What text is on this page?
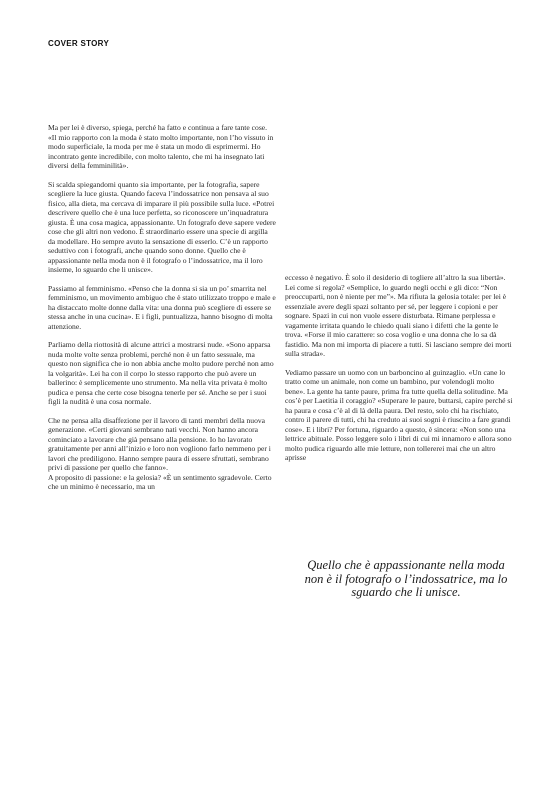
COVER STORY

Ma per lei è diverso, spiega, perché ha fatto e continua a fare tante cose. «Il mio rapporto con la moda è stato molto importante, non l’ho vissuto in modo superficiale, la moda per me è stata un modo di esprimermi. Ho incontrato gente incredibile, con molto talento, che mi ha insegnato lati diversi della femminilità».

Si scalda spiegandomi quanto sia importante, per la fotografia, sapere scegliere la luce giusta. Quando faceva l’indossatrice non pensava al suo fisico, alla dieta, ma cercava di imparare il più possibile sulla luce. «Potrei descrivere quello che è una luce perfetta, so riconoscere un’inquadratura giusta. È una cosa magica, appassionante. Un fotografo deve sapere vedere cose che gli altri non vedono. È straordinario essere una specie di argilla da modellare. Ho sempre avuto la sensazione di esserlo. C’è un rapporto seduttivo con i fotografi, anche quando sono donne. Quello che è appassionante nella moda non è il fotografo o l’indossatrice, ma il loro insieme, lo sguardo che li unisce».

Passiamo al femminismo. «Penso che la donna si sia un po’ smarrita nel femminismo, un movimento ambiguo che è stato utilizzato troppo e male e ha distaccato molte donne dalla vita: una donna può scegliere di essere se stessa anche in una cucina». E i figli, puntualizza, hanno bisogno di molta attenzione.

Parliamo della riottosità di alcune attrici a mostrarsi nude. «Sono apparsa nuda molte volte senza problemi, perché non è un fatto sessuale, ma questo non significa che io non abbia anche molto pudore perché non amo la volgarità». Lei ha con il corpo lo stesso rapporto che può avere un ballerino: è semplicemente uno strumento. Ma nella vita privata è molto pudica e pensa che certe cose bisogna tenerle per sé. Anche se per i suoi figli la nudità è una cosa normale.

Che ne pensa alla disaffezione per il lavoro di tanti membri della nuova generazione. «Certi giovani sembrano nati vecchi. Non hanno ancora cominciato a lavorare che già pensano alla pensione. Io ho lavorato gratuitamente per anni all’inizio e loro non vogliono farlo nemmeno per i lavori che prediligono. Hanno sempre paura di essere sfruttati, sembrano privi di passione per quello che fanno».
A proposito di passione: e la gelosia? «È un sentimento sgradevole. Certo che un minimo è necessario, ma un

eccesso è negativo. È solo il desiderio di togliere all’altro la sua libertà». Lei come si regola? «Semplice, lo guardo negli occhi e gli dico: “Non preoccuparti, non è niente per me”». Ma rifiuta la gelosia totale: per lei è essenziale avere degli spazi soltanto per sé, per leggere i copioni e per sognare. Spazi in cui non vuole essere disturbata. Rimane perplessa e vagamente irritata quando le chiedo quali siano i difetti che la gente le trova. «Forse il mio carattere: so cosa voglio e una donna che lo sa dà fastidio. Ma non mi importa di piacere a tutti. Si lasciano sempre dei morti sulla strada».

Vediamo passare un uomo con un barboncino al guinzaglio. «Un cane lo tratto come un animale, non come un bambino, pur volendogli molto bene». La gente ha tante paure, prima fra tutte quella della solitudine. Ma cos’è per Laetitia il coraggio? «Superare le paure, buttarsi, capire perché si ha paura e cosa c’è al di là della paura. Del resto, solo chi ha rischiato, contro il parere di tutti, chi ha creduto ai suoi sogni è riuscito a fare grandi cose». E i libri? Per fortuna, riguardo a questo, è sincera: «Non sono una lettrice abituale. Posso leggere solo i libri di cui mi innamoro e allora sono molto pudica riguardo alle mie letture, non tollererei mai che un altro aprisse

Quello che è appassionante nella moda non è il fotografo o l’indossatrice, ma lo sguardo che li unisce.
